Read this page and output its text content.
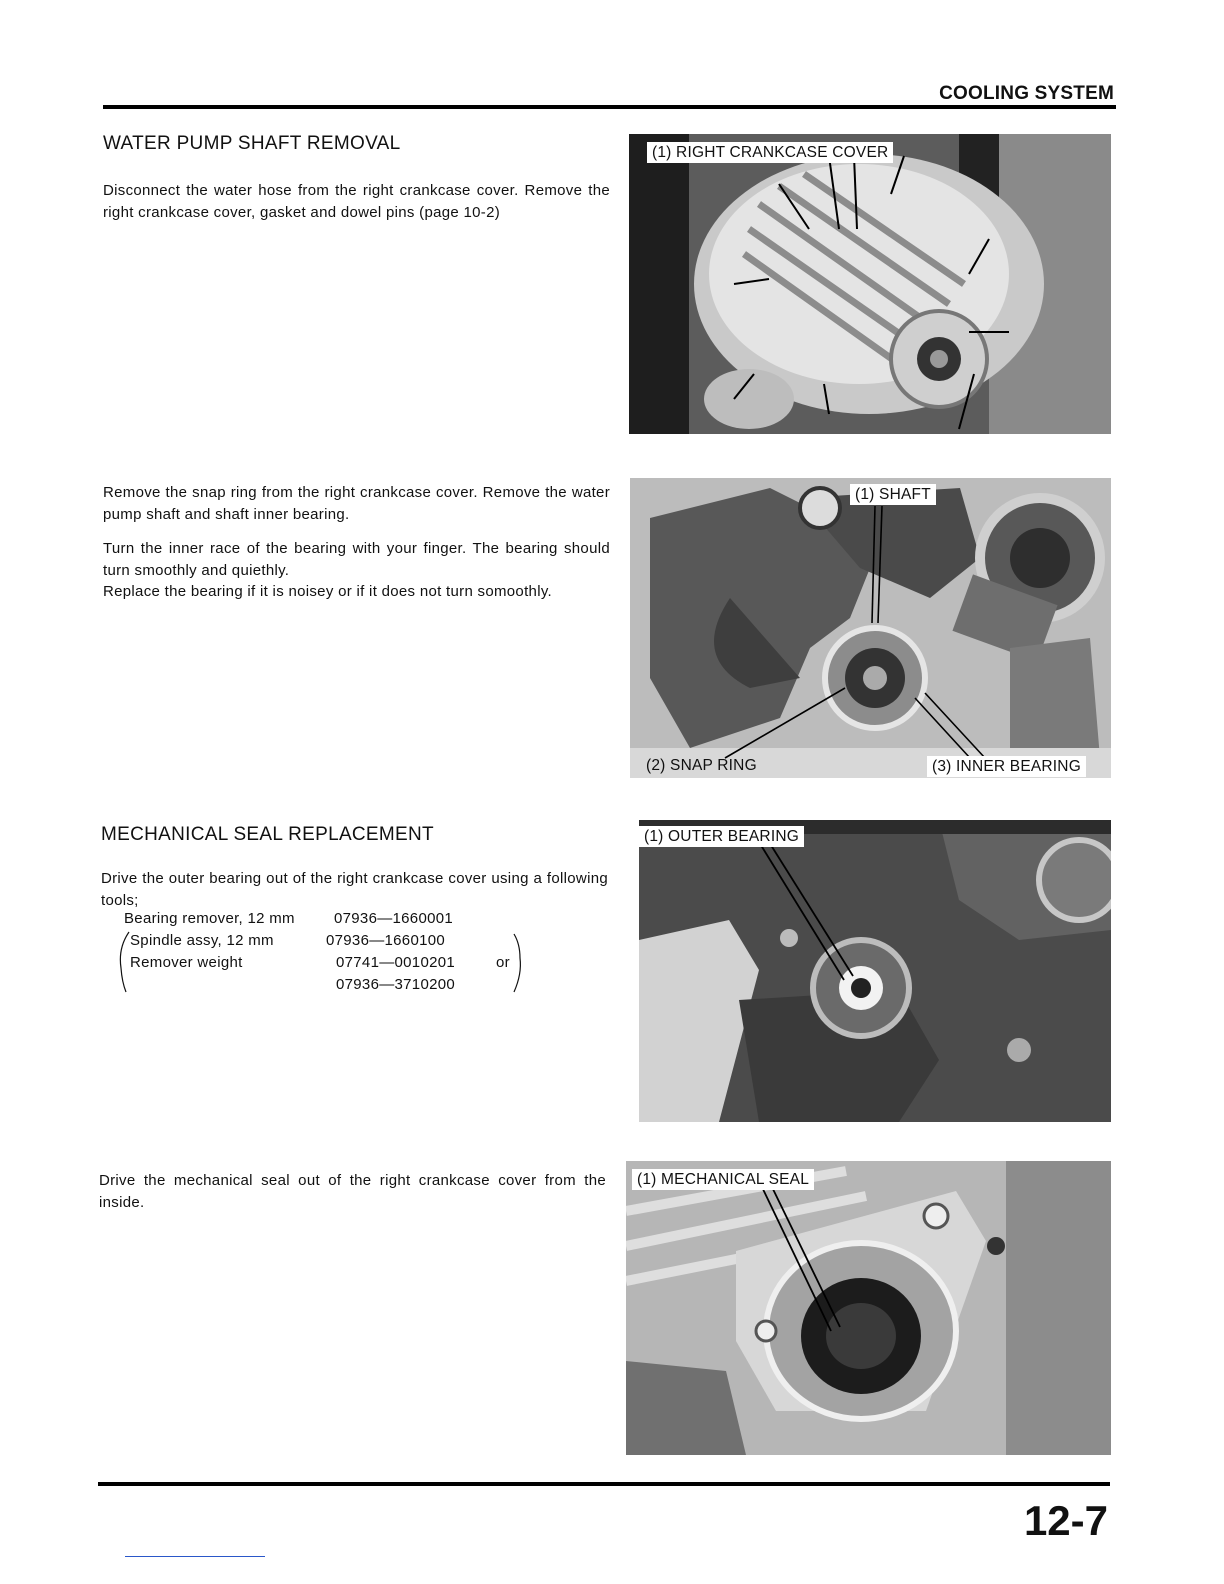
COOLING SYSTEM
WATER PUMP SHAFT REMOVAL

Disconnect the water hose from the right crankcase cover. Remove the right crankcase cover, gasket and dowel pins (page 10-2)

Remove the snap ring from the right crankcase cover. Remove the water pump shaft and shaft inner bearing.

Turn the inner race of the bearing with your finger. The bearing should turn smoothly and quiethly.

Replace the bearing if it is noisey or if it does not turn somoothly.

MECHANICAL SEAL REPLACEMENT

Drive the outer bearing out of the right crankcase cover using a following tools;

Bearing remover, 12 mm	07936—1660001
Spindle assy, 12 mm	07936—1660100
Remover weight	07741—0010201	or
07936—3710200

Drive the mechanical seal out of the right crankcase cover from the inside.

(1) RIGHT CRANKCASE COVER
(1) SHAFT
(2) SNAP RING	(3) INNER BEARING
(1) OUTER BEARING
(1) MECHANICAL SEAL
12-7
